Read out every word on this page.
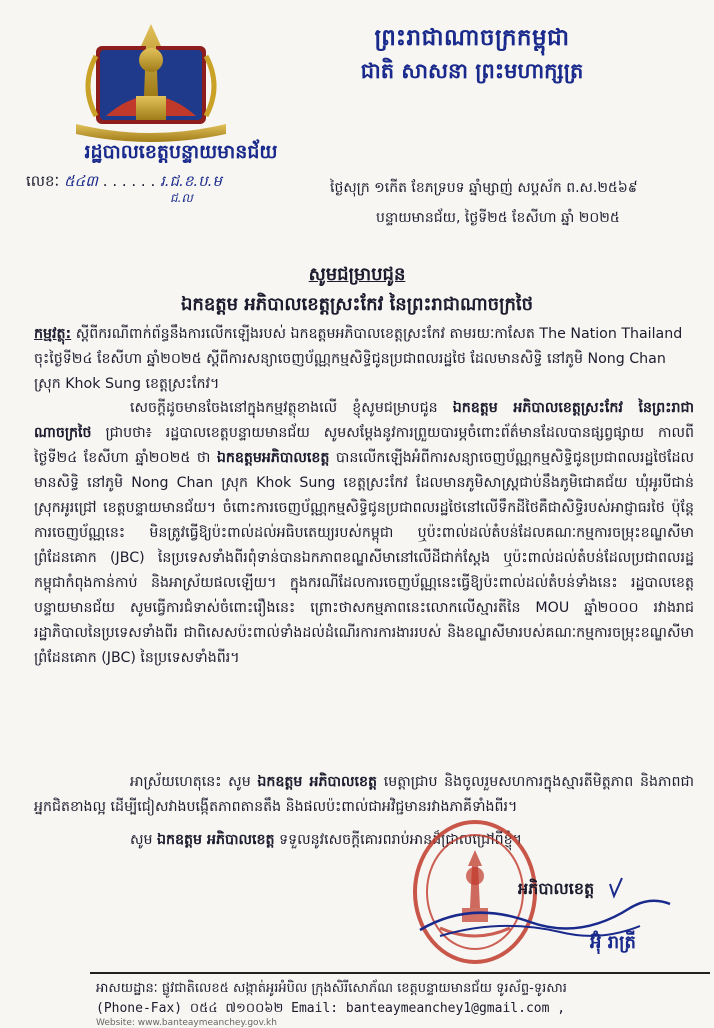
ព្រះរាជាណាចក្រកម្ពុជា
ជាតិ សាសនា ព្រះមហាក្សត្រ
រដ្ឋបាលខេត្តបន្ទាយមានជ័យ
លេខៈ ៥៤៣ . . . . . . រ.ជ.ខ.ប.ម
ជ.ល
ថ្ងៃសុក្រ ១កើត ខែភទ្របទ ឆ្នាំម្សាញ់ សប្តស័ក ព.ស.២៥៦៩
បន្ទាយមានជ័យ, ថ្ងៃទី២៥ ខែសីហា ឆ្នាំ ២០២៥
សូមជម្រាបជូន
ឯកឧត្តម អភិបាលខេត្តស្រះកែវ នៃព្រះរាជាណាចក្រថៃ
កម្មវត្ថុ: ស្តីពីករណីពាក់ព័ន្ធនឹងការលើកឡើងរបស់ ឯកឧត្តមអភិបាលខេត្តស្រះកែវ តាមរយៈកាសែត The Nation Thailand ចុះថ្ងៃទី២៤ ខែសីហា ឆ្នាំ២០២៥ ស្តីពីការសន្យាចេញប័ណ្ណកម្មសិទ្ធិជូនប្រជាពលរដ្ឋថៃ ដែលមានសិទ្ធិ នៅភូមិ Nong Chan ស្រុក Khok Sung ខេត្តស្រះកែវ។
សេចក្តីដូចមានចែងនៅក្នុងកម្មវត្ថុខាងលើ ខ្ញុំសូមជម្រាបជូន ឯកឧត្តម អភិបាលខេត្តស្រះកែវ នៃព្រះរាជាណាចក្រថៃ ជ្រាបថា៖ រដ្ឋបាលខេត្តបន្ទាយមានជ័យ សូមសម្តែងនូវការព្រួយបារម្ភចំពោះព័ត៌មានដែលបានផ្សព្វផ្សាយ កាលពីថ្ងៃទី២៤ ខែសីហា ឆ្នាំ២០២៥ ថា ឯកឧត្តមអភិបាលខេត្ត បានលើកឡើងអំពីការសន្យាចេញប័ណ្ណកម្មសិទ្ធិជូនប្រជាពលរដ្ឋថៃដែលមានសិទ្ធិ នៅភូមិ Nong Chan ស្រុក Khok Sung ខេត្តស្រះកែវ ដែលមានភូមិសាស្ត្រជាប់នឹងភូមិជោគជ័យ ឃុំអូរបីជាន់ ស្រុកអូរជ្រៅ ខេត្តបន្ទាយមានជ័យ។ ចំពោះការចេញប័ណ្ណកម្មសិទ្ធិជូនប្រជាពលរដ្ឋថៃនៅលើទឹកដីថៃគឺជាសិទ្ធិរបស់អាជ្ញាធរថៃ ប៉ុន្តែការចេញប័ណ្ណនេះ មិនត្រូវធ្វើឱ្យប៉ះពាល់ដល់អធិបតេយ្យរបស់កម្ពុជា ឬប៉ះពាល់ដល់តំបន់ដែលគណៈកម្មការចម្រុះខណ្ឌសីមាព្រំដែនគោក (JBC) នៃប្រទេសទាំងពីរពុំទាន់បានឯកភាពខណ្ឌសីមានៅលើដីជាក់ស្តែង ឬប៉ះពាល់ដល់តំបន់ដែលប្រជាពលរដ្ឋកម្ពុជាកំពុងកាន់កាប់ និងអាស្រ័យផលឡើយ។ ក្នុងករណីដែលការចេញប័ណ្ណនេះធ្វើឱ្យប៉ះពាល់ដល់តំបន់ទាំងនេះ រដ្ឋបាលខេត្តបន្ទាយមានជ័យ សូមធ្វើការជំទាស់ចំពោះរឿងនេះ ព្រោះថាសកម្មភាពនេះលោកលើស្មារតីនៃ MOU ឆ្នាំ២០០០ រវាងរាជរដ្ឋាភិបាលនៃប្រទេសទាំងពីរ ជាពិសេសប៉ះពាល់ទាំងដល់ដំណើរការការងាររបស់ និងខណ្ឌសីមារបស់គណៈកម្មការចម្រុះខណ្ឌសីមាព្រំដែនគោក (JBC) នៃប្រទេសទាំងពីរ។
អាស្រ័យហេតុនេះ សូម ឯកឧត្តម អភិបាលខេត្ត មេត្តាជ្រាប និងចូលរួមសហការក្នុងស្មារតីមិត្តភាព និងភាពជាអ្នកជិតខាងល្អ ដើម្បីជៀសវាងបង្កើតភាពតានតឹង និងផលប៉ះពាល់ជាអវិជ្ជមានរវាងភាគីទាំងពីរ។
សូម ឯកឧត្តម អភិបាលខេត្ត ទទួលនូវសេចក្តីគោរពរាប់អានដ៏ជ្រាលជ្រៅពីខ្ញុំ។
អភិបាលខេត្ត
អ៊ុំ រាត្រី
អាសយដ្ឋានៈ ផ្លូវជាតិលេខ៥ សង្កាត់អូរអំបិល ក្រុងសិរីសោភ័ណ ខេត្តបន្ទាយមានជ័យ ទូរស័ព្ទ-ទូរសារ
(Phone-Fax) ០៥៤ ៧១០០៦២ Email: banteaymeanchey1@gmail.com ,
Website: www.banteaymeanchey.gov.kh
